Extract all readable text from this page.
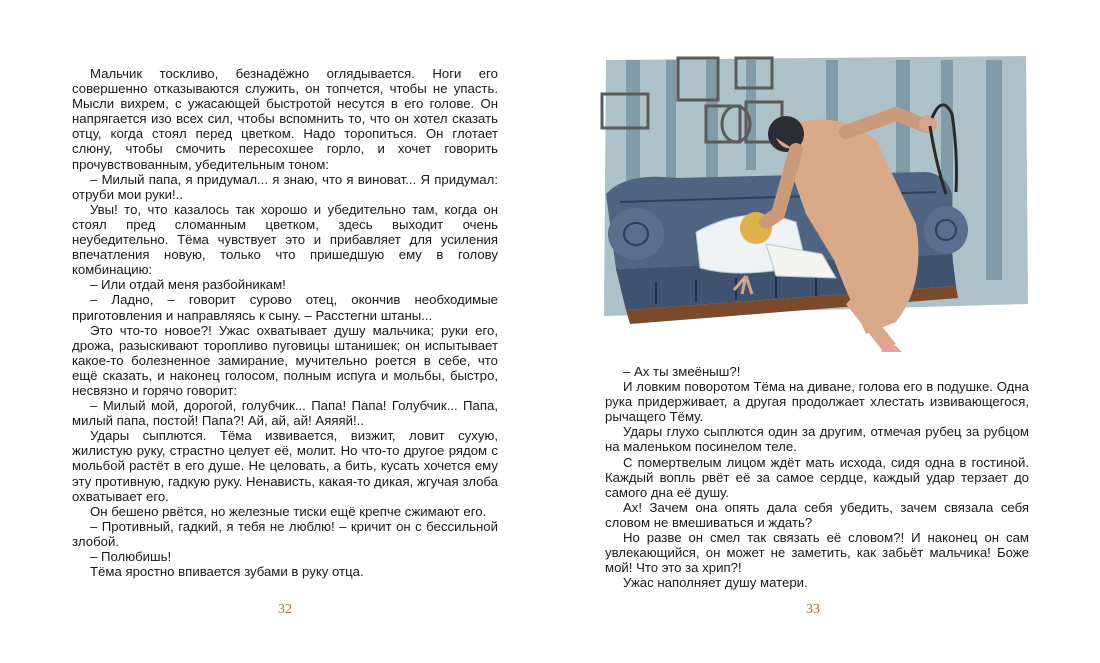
Мальчик тоскливо, безнадёжно оглядывается. Ноги его совершенно отказываются служить, он топчется, чтобы не упасть. Мысли вихрем, с ужасающей быстротой несутся в его голове. Он напрягается изо всех сил, чтобы вспомнить то, что он хотел сказать отцу, когда стоял перед цветком. Надо торопиться. Он глотает слюну, чтобы смочить пересохшее горло, и хочет говорить прочувствованным, убедительным тоном:

– Милый папа, я придумал... я знаю, что я виноват... Я придумал: отруби мои руки!..

Увы! то, что казалось так хорошо и убедительно там, когда он стоял пред сломанным цветком, здесь выходит очень неубедительно. Тёма чувствует это и прибавляет для усиления впечатления новую, только что пришедшую ему в голову комбинацию:

– Или отдай меня разбойникам!

– Ладно, – говорит сурово отец, окончив необходимые приготовления и направляясь к сыну. – Расстегни штаны...

Это что-то новое?! Ужас охватывает душу мальчика; руки его, дрожа, разыскивают торопливо пуговицы штанишек; он испытывает какое-то болезненное замирание, мучительно роется в себе, что ещё сказать, и наконец голосом, полным испуга и мольбы, быстро, несвязно и горячо говорит:

– Милый мой, дорогой, голубчик... Папа! Папа! Голубчик... Папа, милый папа, постой! Папа?! Ай, ай, ай! Аяяяй!..

Удары сыплются. Тёма извивается, визжит, ловит сухую, жилистую руку, страстно целует её, молит. Но что-то другое рядом с мольбой растёт в его душе. Не целовать, а бить, кусать хочется ему эту противную, гадкую руку. Ненависть, какая-то дикая, жгучая злоба охватывает его.

Он бешено рвётся, но железные тиски ещё крепче сжимают его.

– Противный, гадкий, я тебя не люблю! – кричит он с бессильной злобой.

– Полюбишь!

Тёма яростно впивается зубами в руку отца.

32

– Ах ты змеёныш?!

И ловким поворотом Тёма на диване, голова его в подушке. Одна рука придерживает, а другая продолжает хлестать извивающегося, рычащего Тёму.

Удары глухо сыплются один за другим, отмечая рубец за рубцом на маленьком посинелом теле.

С помертвелым лицом ждёт мать исхода, сидя одна в гостиной. Каждый вопль рвёт её за самое сердце, каждый удар терзает до самого дна её душу.

Ах! Зачем она опять дала себя убедить, зачем связала себя словом не вмешиваться и ждать?

Но разве он смел так связать её словом?! И наконец он сам увлекающийся, он может не заметить, как забьёт мальчика! Боже мой! Что это за хрип?!

Ужас наполняет душу матери.

33
